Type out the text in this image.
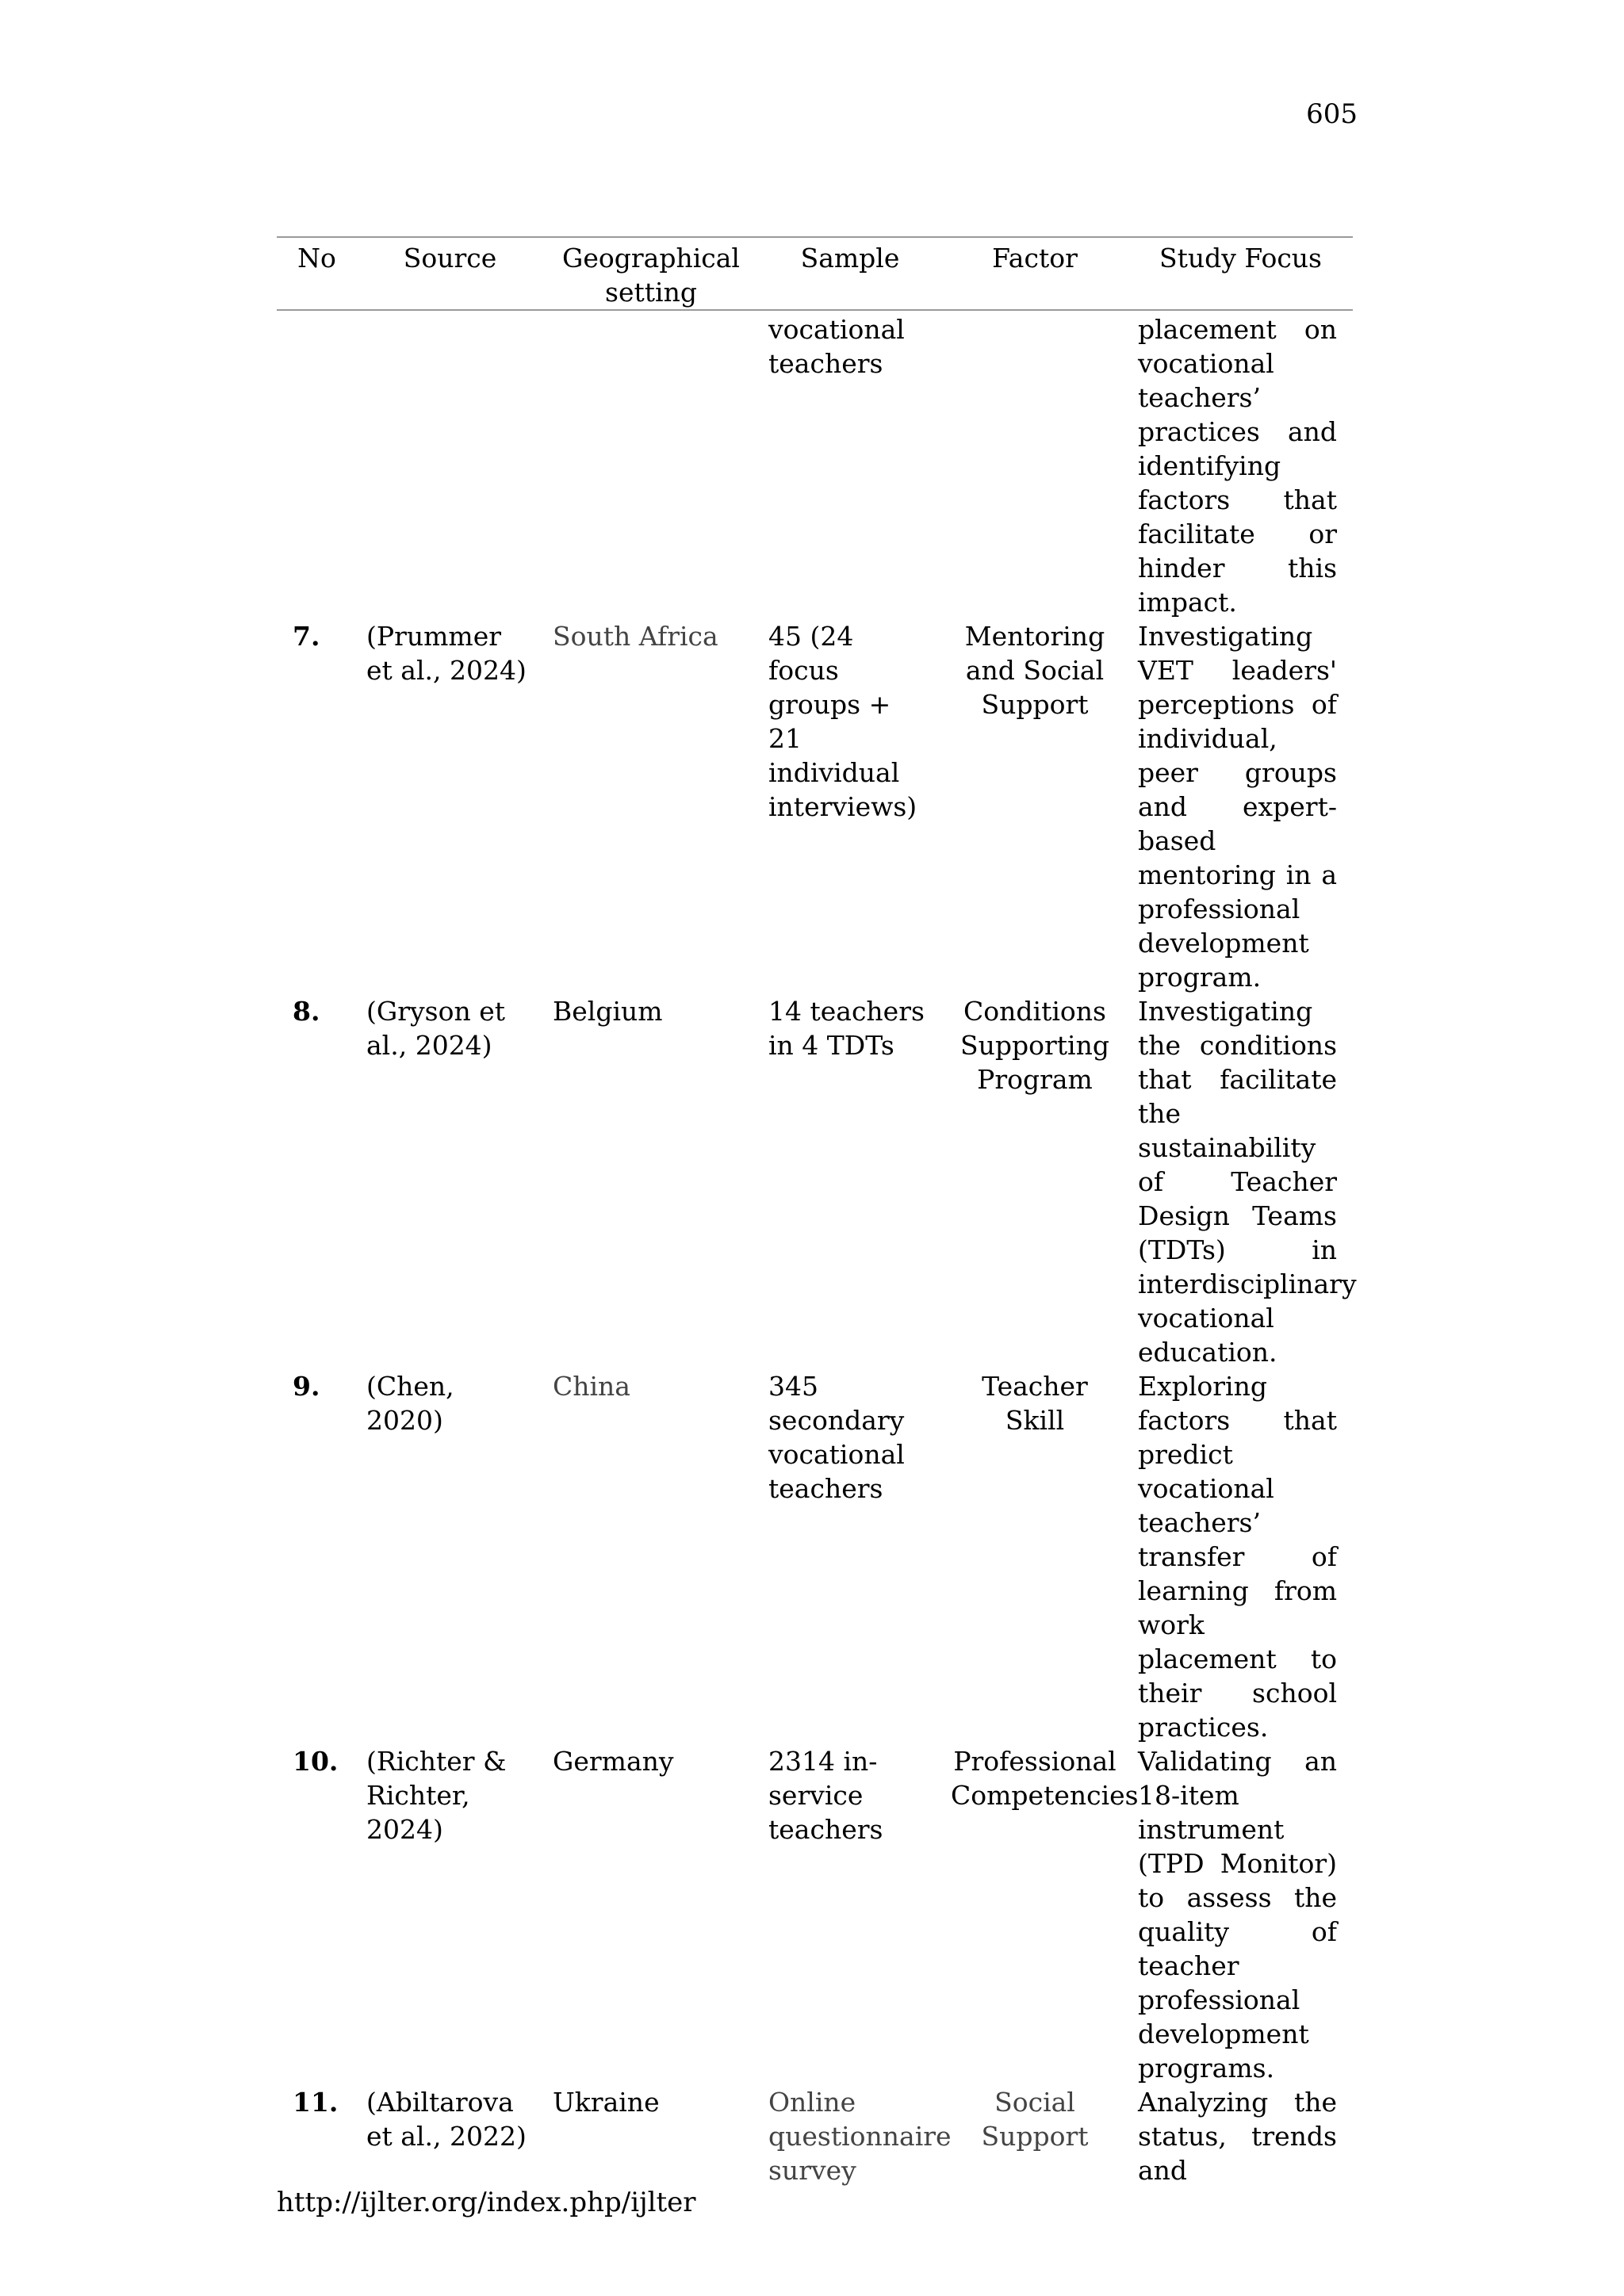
605
No	Source	Geographical setting	Sample	Factor	Study Focus
			vocational teachers		placement on vocational teachers’ practices and identifying factors that facilitate or hinder this impact.
7.	(Prummer et al., 2024)	South Africa	45 (24 focus groups + 21 individual interviews)	Mentoring and Social Support	Investigating VET leaders' perceptions of individual, peer groups and expert-based mentoring in a professional development program.
8.	(Gryson et al., 2024)	Belgium	14 teachers in 4 TDTs	Conditions Supporting Program	Investigating the conditions that facilitate the sustainability of Teacher Design Teams (TDTs) in interdisciplinary vocational education.
9.	(Chen, 2020)	China	345 secondary vocational teachers	Teacher Skill	Exploring factors that predict vocational teachers’ transfer of learning from work placement to their school practices.
10.	(Richter & Richter, 2024)	Germany	2314 in-service teachers	Professional Competencies	Validating an 18-item instrument (TPD Monitor) to assess the quality of teacher professional development programs.
11.	(Abiltarova et al., 2022)	Ukraine	Online questionnaire survey	Social Support	Analyzing the status, trends and
http://ijlter.org/index.php/ijlter
